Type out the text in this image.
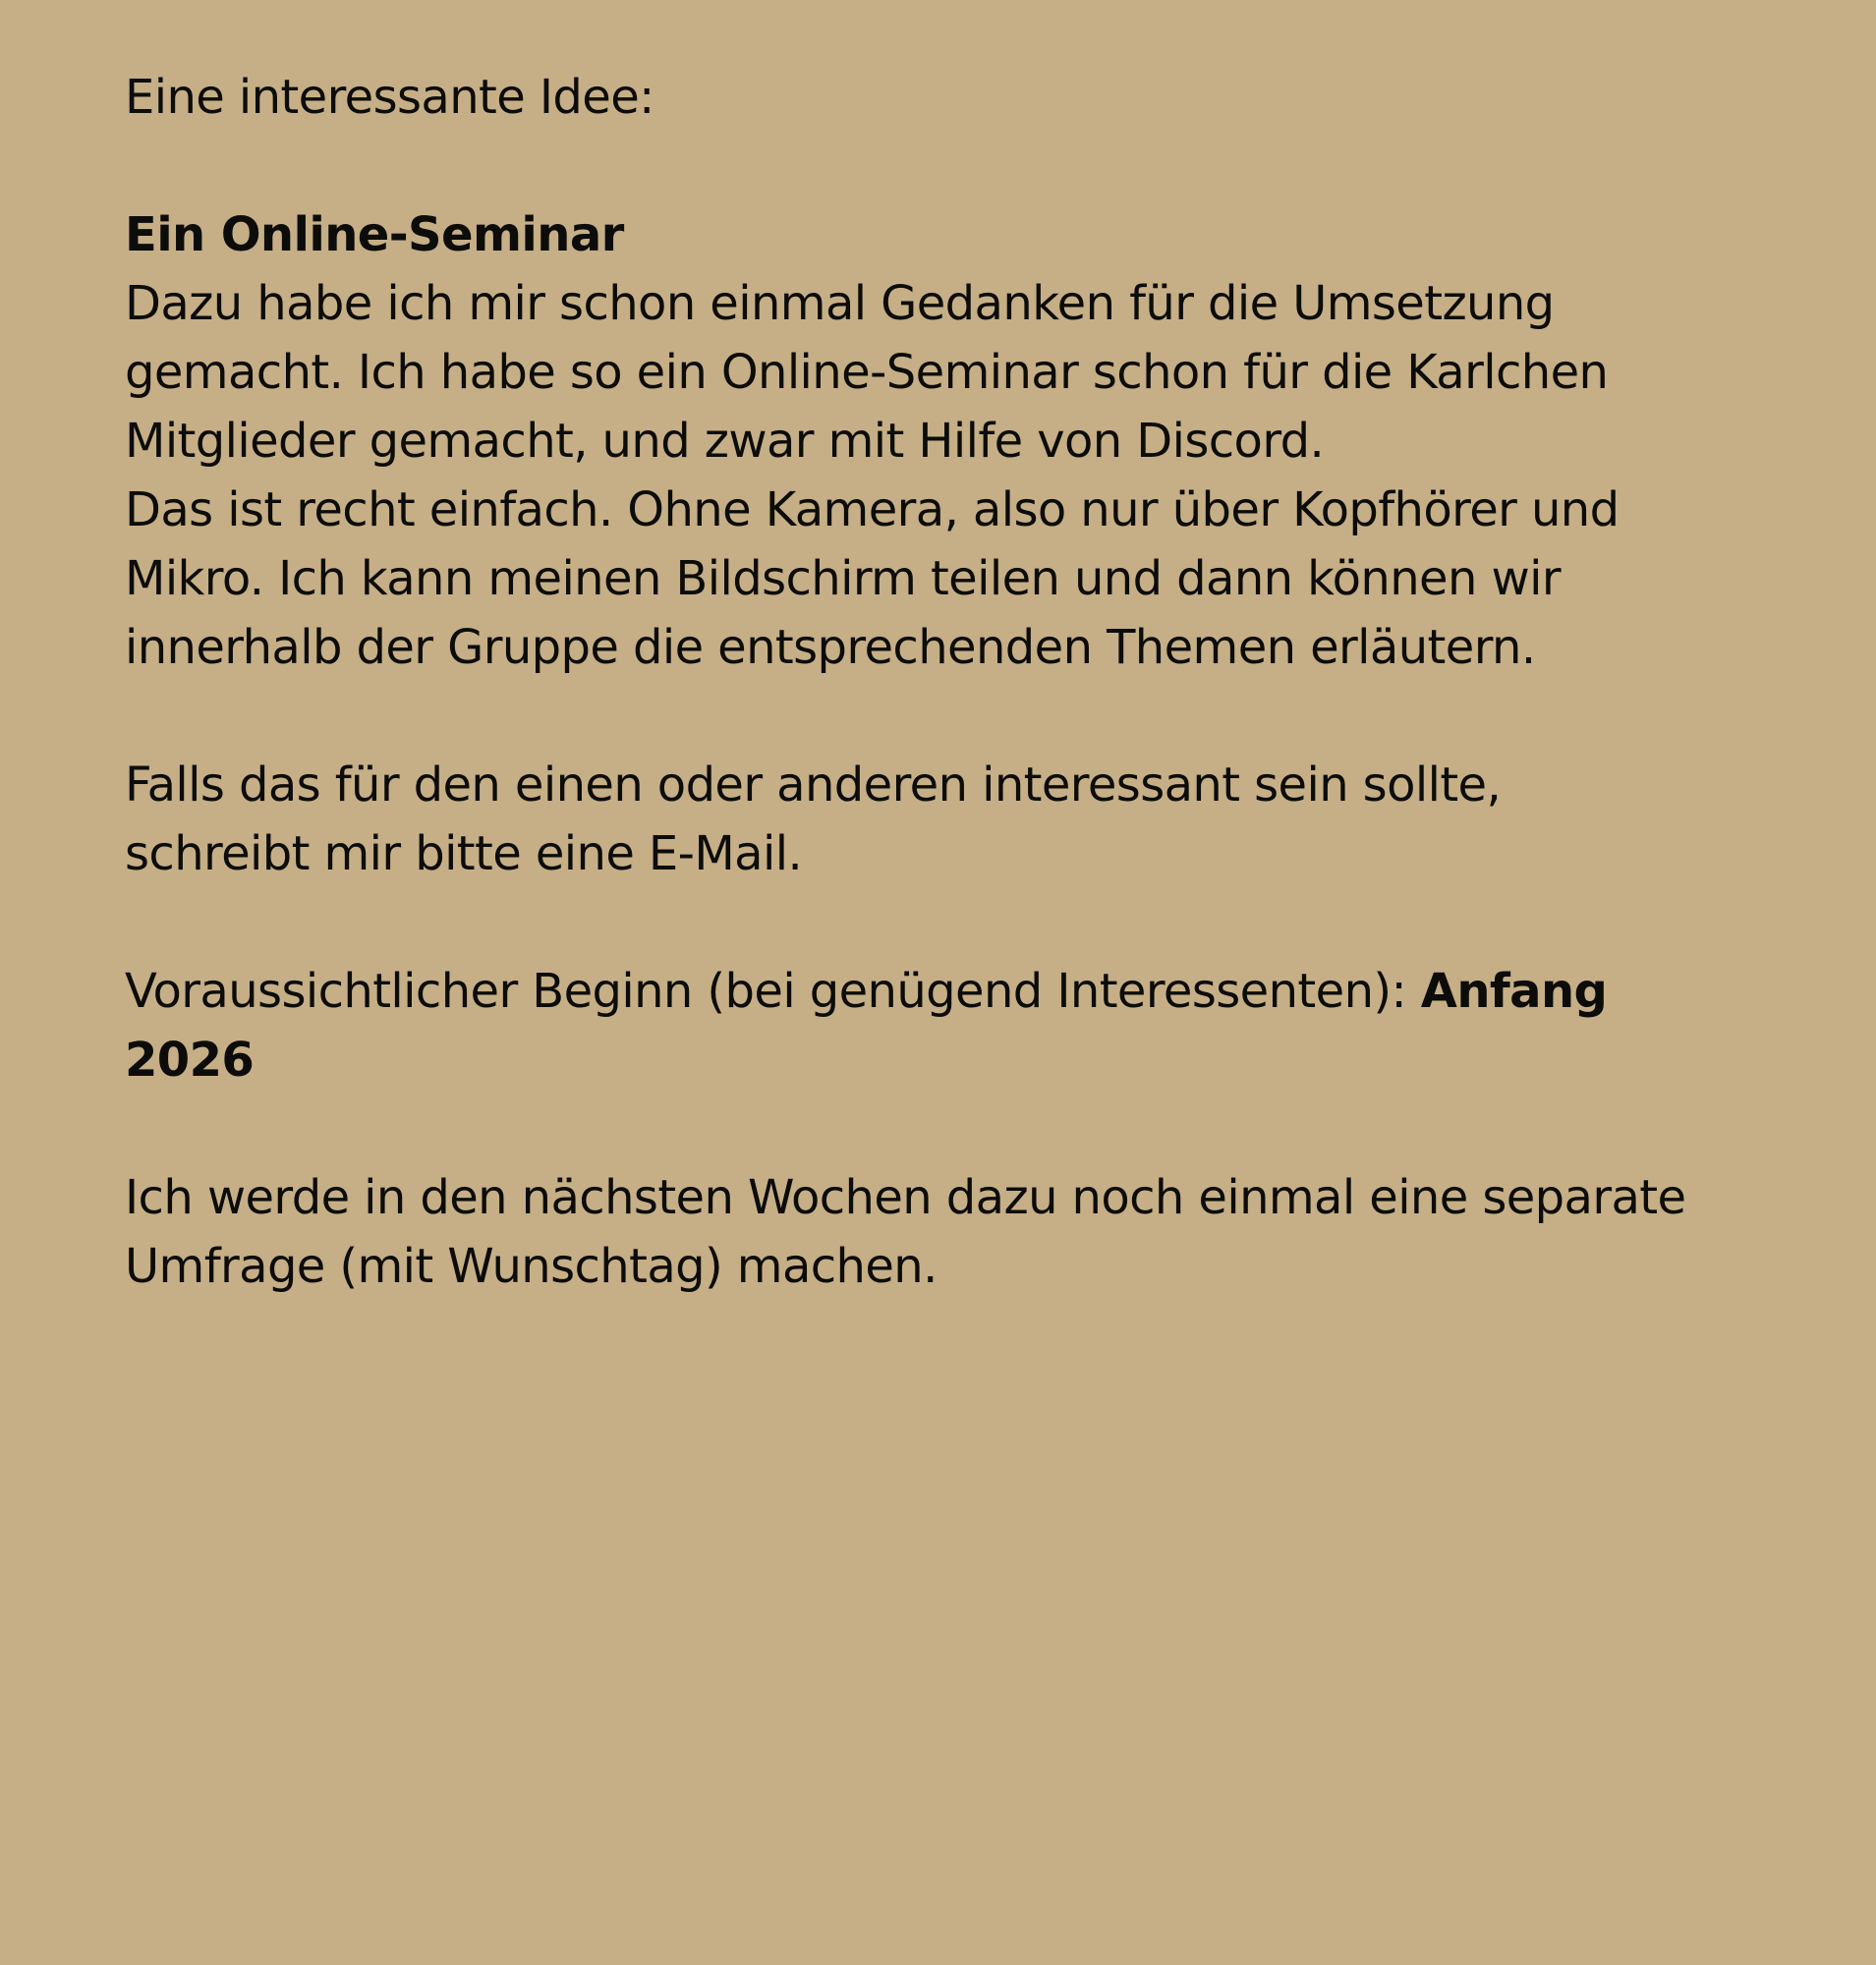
Eine interessante Idee:

Ein Online-Seminar

Dazu habe ich mir schon einmal Gedanken für die Umsetzung
gemacht. Ich habe so ein Online-Seminar schon für die Karlchen
Mitglieder gemacht, und zwar mit Hilfe von Discord.
Das ist recht einfach. Ohne Kamera, also nur über Kopfhörer und
Mikro. Ich kann meinen Bildschirm teilen und dann können wir
innerhalb der Gruppe die entsprechenden Themen erläutern.
Falls das für den einen oder anderen interessant sein sollte,
schreibt mir bitte eine E-Mail.
Voraussichtlicher Beginn (bei genügend Interessenten): Anfang
2026
Ich werde in den nächsten Wochen dazu noch einmal eine separate
Umfrage (mit Wunschtag) machen.
